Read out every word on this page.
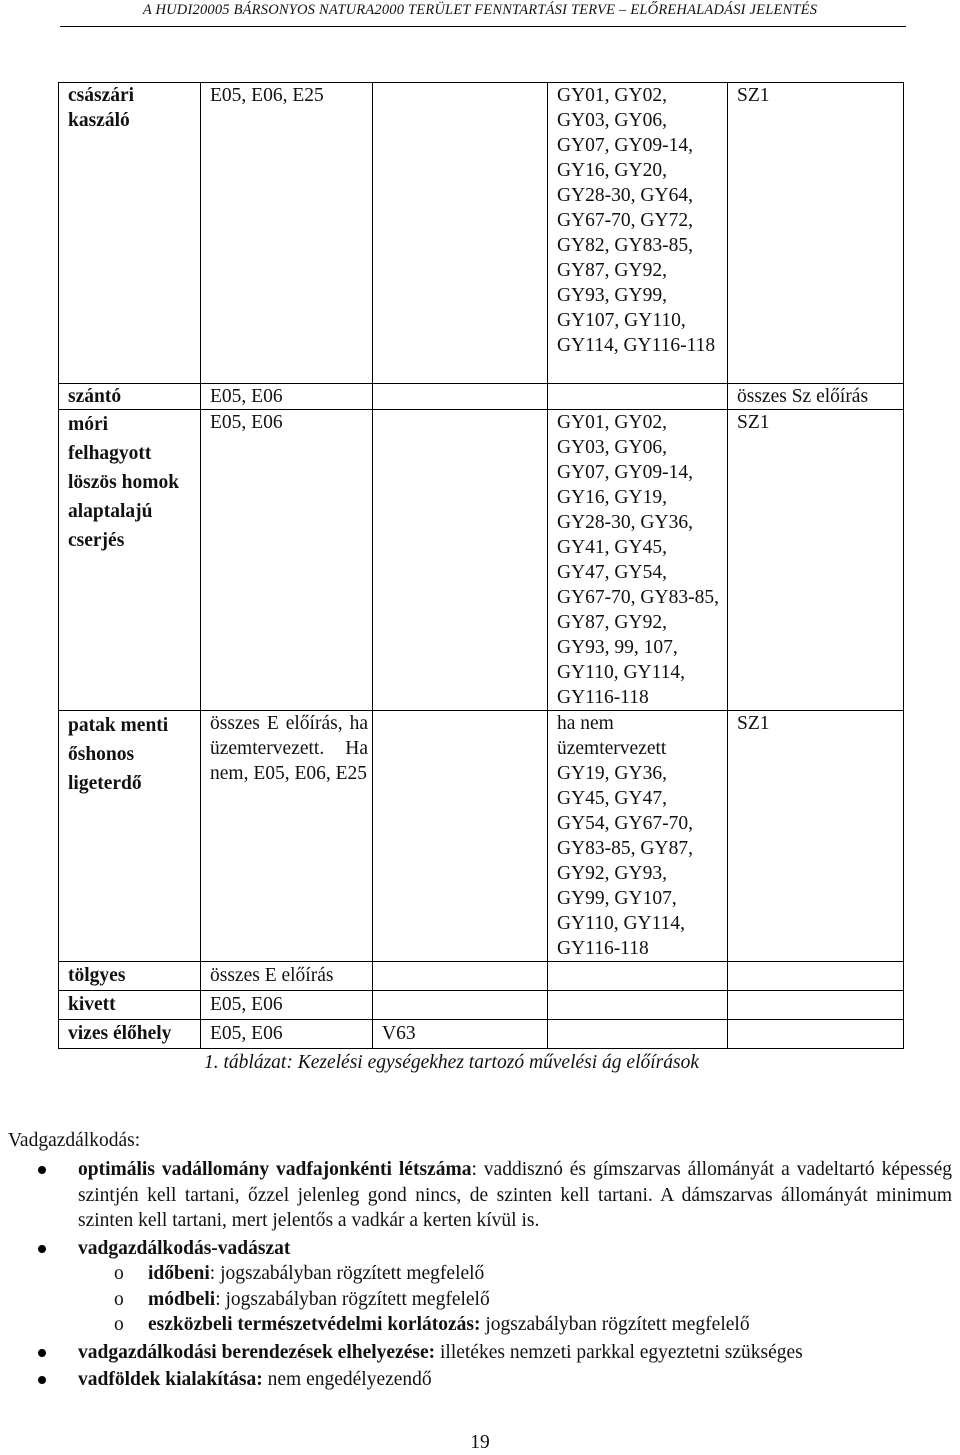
A HUDI20005 BÁRSONYOS NATURA2000 TERÜLET FENNTARTÁSI TERVE – ELŐREHALADÁSI JELENTÉS
császári kaszáló	E05, E06, E25		GY01, GY02, GY03, GY06, GY07, GY09-14, GY16, GY20, GY28-30, GY64, GY67-70, GY72, GY82, GY83-85, GY87, GY92, GY93, GY99, GY107, GY110, GY114, GY116-118	SZ1
szántó	E05, E06			összes Sz előírás
móri felhagyott löszös homok alaptalajú cserjés	E05, E06		GY01, GY02, GY03, GY06, GY07, GY09-14, GY16, GY19, GY28-30, GY36, GY41, GY45, GY47, GY54, GY67-70, GY83-85, GY87, GY92, GY93, 99, 107, GY110, GY114, GY116-118	SZ1
patak menti őshonos ligeterdő	összes E előírás, ha üzemtervezett. Ha nem, E05, E06, E25		ha nem üzemtervezett GY19, GY36, GY45, GY47, GY54, GY67-70, GY83-85, GY87, GY92, GY93, GY99, GY107, GY110, GY114, GY116-118	SZ1
tölgyes	összes E előírás			
kivett	E05, E06			
vizes élőhely	E05, E06	V63		
1. táblázat: Kezelési egységekhez tartozó művelési ág előírások
Vadgazdálkodás:
optimális vadállomány vadfajonkénti létszáma: vaddisznó és gímszarvas állományát a vadeltartó képesség szintjén kell tartani, őzzel jelenleg gond nincs, de szinten kell tartani. A dámszarvas állományát minimum szinten kell tartani, mert jelentős a vadkár a kerten kívül is.
vadgazdálkodás-vadászat
o időbeni: jogszabályban rögzített megfelelő
o módbeli: jogszabályban rögzített megfelelő
o eszközbeli természetvédelmi korlátozás: jogszabályban rögzített megfelelő
vadgazdálkodási berendezések elhelyezése: illetékes nemzeti parkkal egyeztetni szükséges
vadföldek kialakítása: nem engedélyezendő
19
